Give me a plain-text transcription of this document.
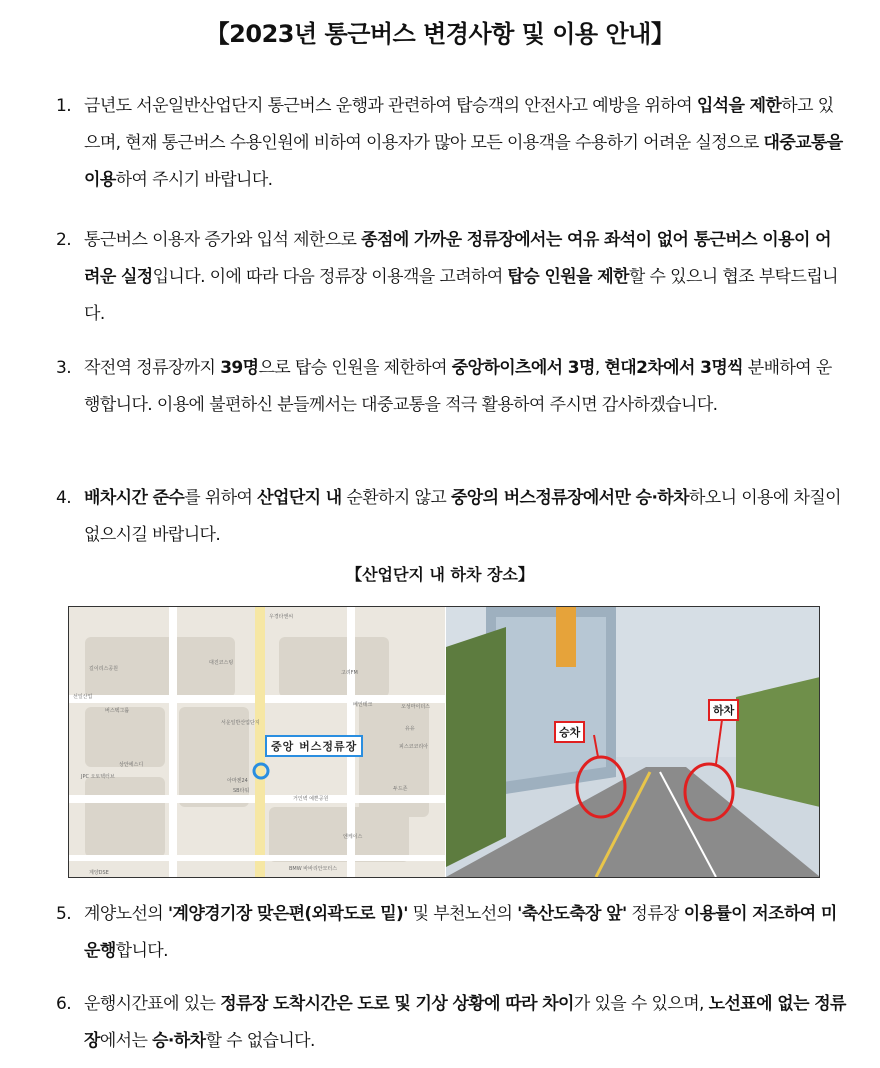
【2023년 통근버스 변경사항 및 이용 안내】
1. 금년도 서운일반산업단지 통근버스 운행과 관련하여 탑승객의 안전사고 예방을 위하여 입석을 제한하고 있으며, 현재 통근버스 수용인원에 비하여 이용자가 많아 모든 이용객을 수용하기 어려운 실정으로 대중교통을 이용하여 주시기 바랍니다.
2. 통근버스 이용자 증가와 입석 제한으로 종점에 가까운 정류장에서는 여유 좌석이 없어 통근버스 이용이 어려운 실정입니다. 이에 따라 다음 정류장 이용객을 고려하여 탑승 인원을 제한할 수 있으니 협조 부탁드립니다.
3. 작전역 정류장까지 39명으로 탑승 인원을 제한하여 중앙하이츠에서 3명, 현대2차에서 3명씩 분배하여 운행합니다. 이용에 불편하신 분들께서는 대중교통을 적극 활용하여 주시면 감사하겠습니다.
4. 배차시간 준수를 위하여 산업단지 내 순환하지 않고 중앙의 버스정류장에서만 승·하차하오니 이용에 차질이 없으시길 바랍니다.
【산업단지 내 하차 장소】
우경타앤씨
길이리스공원
대진코스팅
고려FM
선일산업
버스텍그룹
베인테크	오성마이더스
서운일반산업단지
유유
피스코코리아
상안에스디
아마젠24
JPC 오토텍터브
SB타워	두드존
거인벽 예쁜공원
엔케이스
계양DSE
BMW 바바리안모터스
중앙 버스정류장
승차
하차
5. 계양노선의 '계양경기장 맞은편(외곽도로 밑)' 및 부천노선의 '축산도축장 앞' 정류장 이용률이 저조하여 미운행합니다.
6. 운행시간표에 있는 정류장 도착시간은 도로 및 기상 상황에 따라 차이가 있을 수 있으며, 노선표에 없는 정류장에서는 승·하차할 수 없습니다.
